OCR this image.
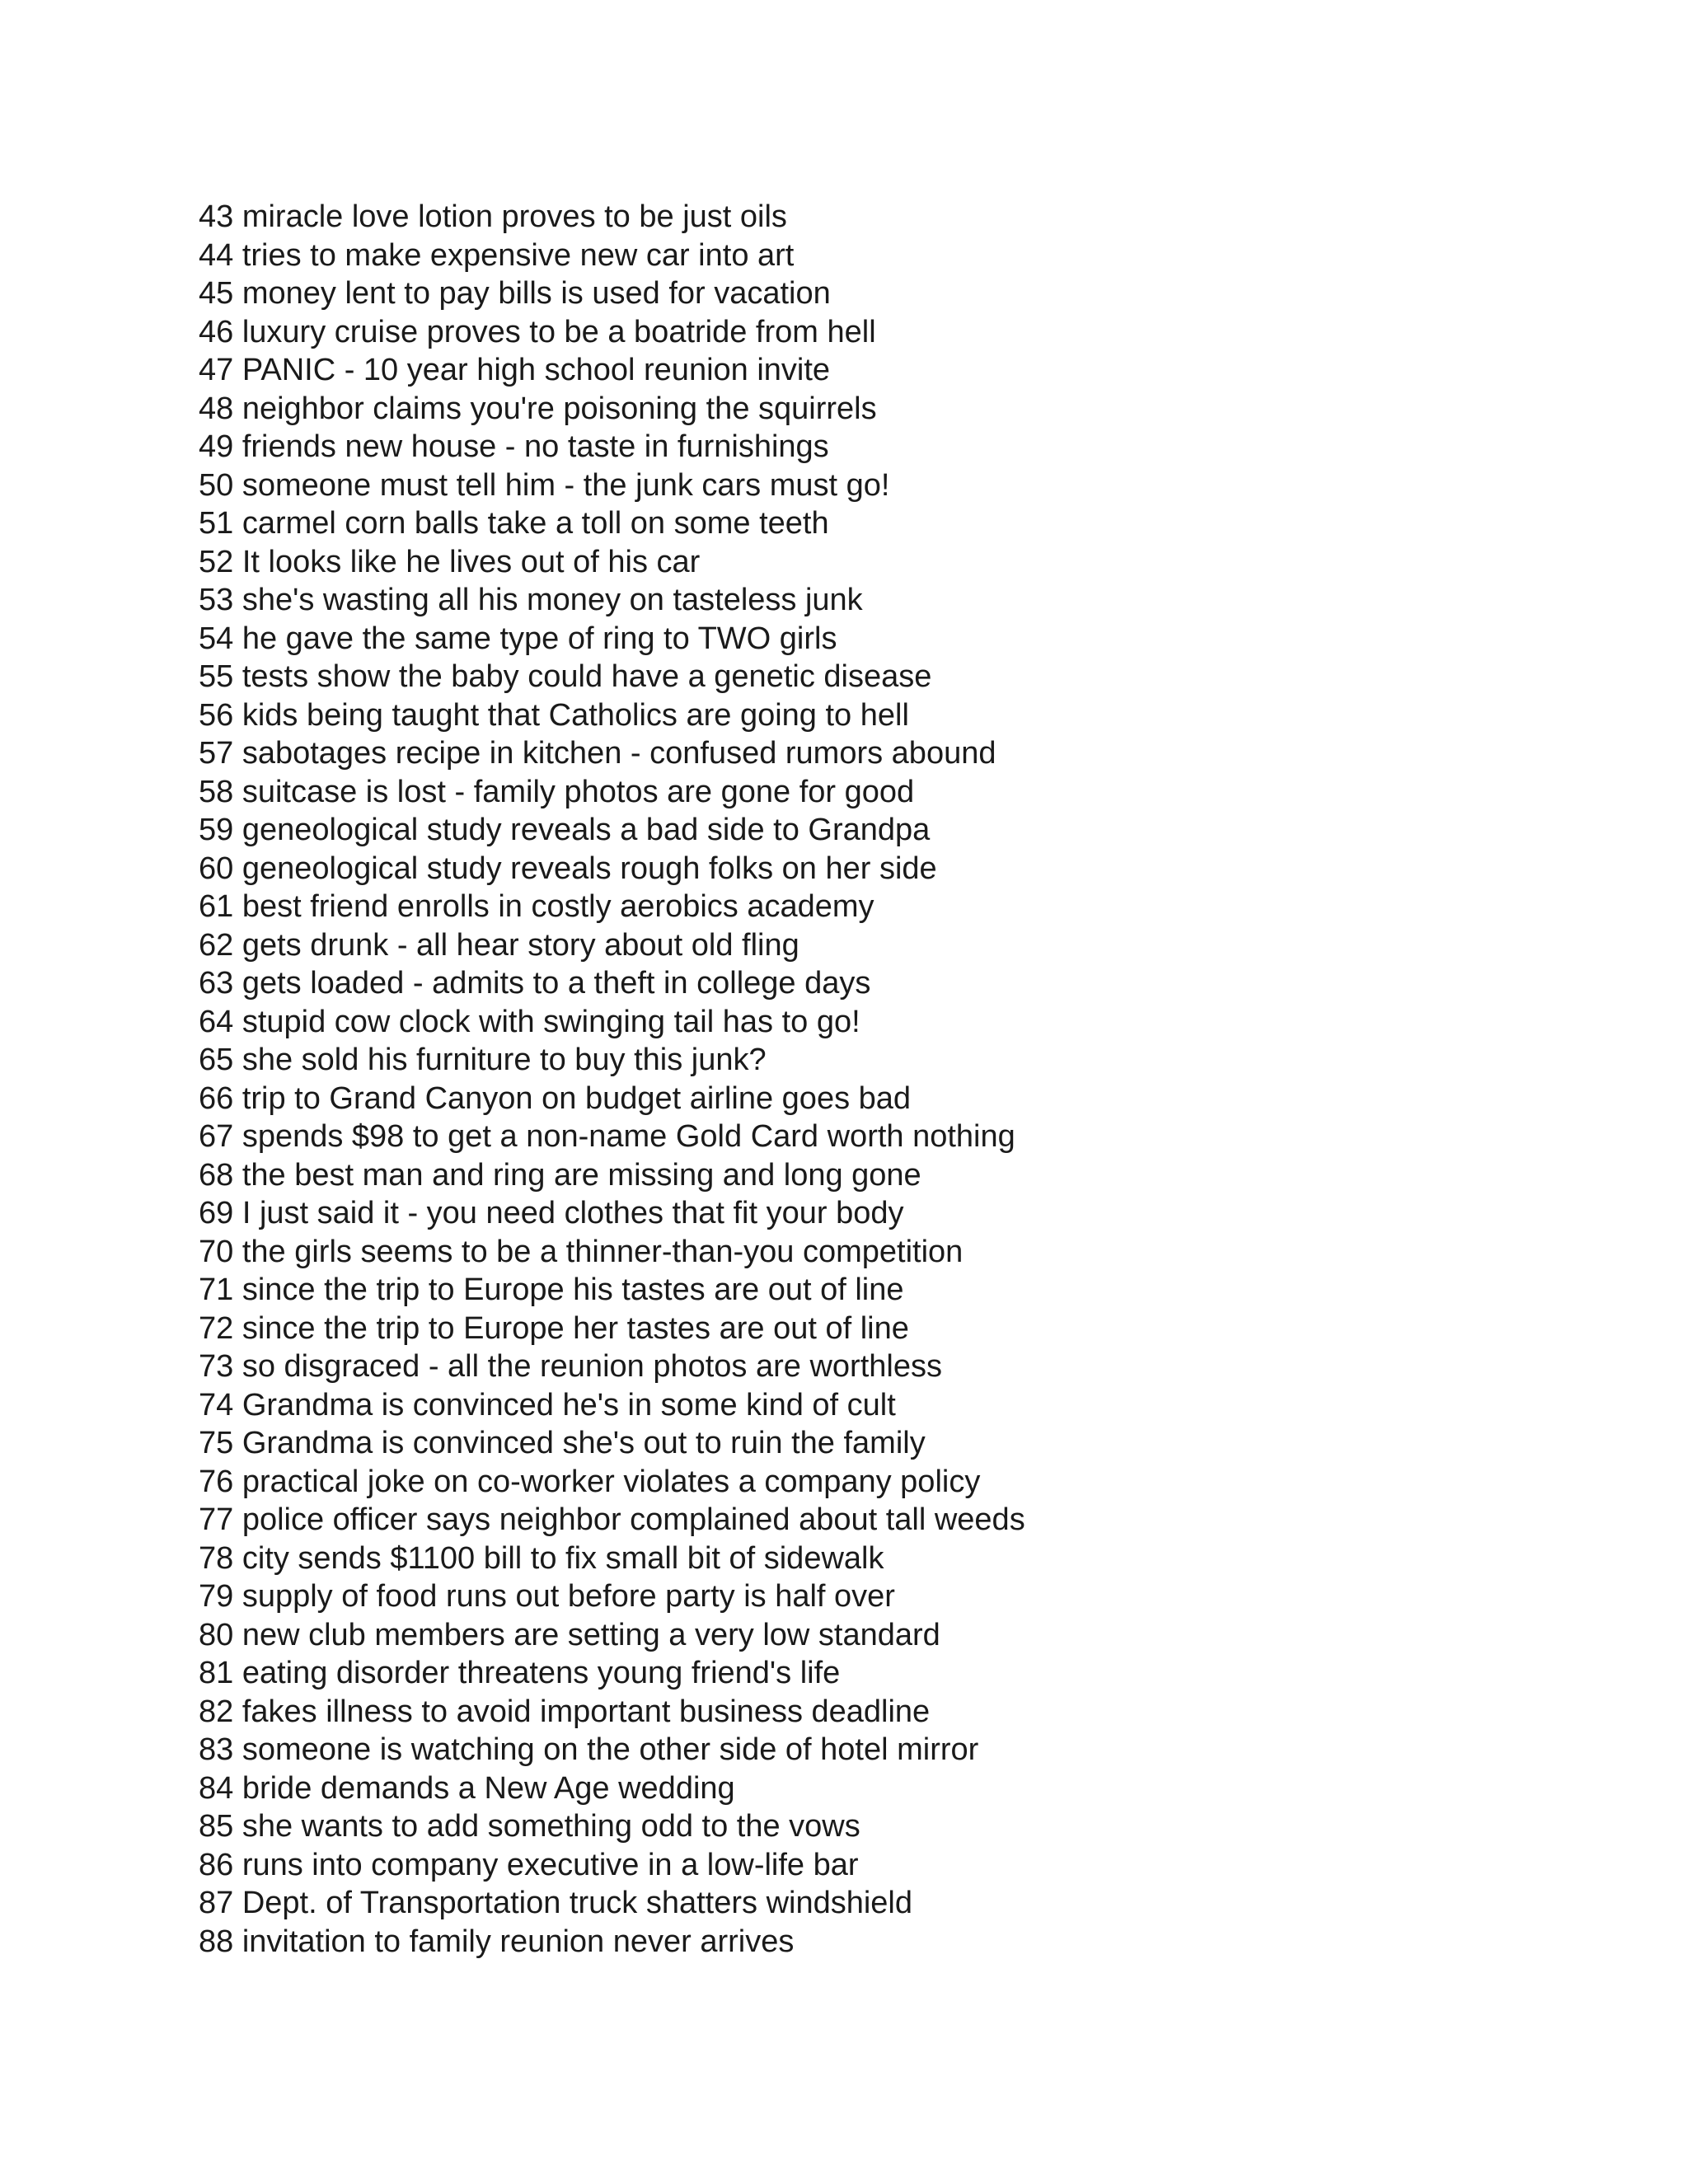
43 miracle love lotion proves to be just oils
44 tries to make expensive new car into art
45 money lent to pay bills is used for vacation
46 luxury cruise proves to be a boatride from hell
47 PANIC - 10 year high school reunion invite
48 neighbor claims you're poisoning the squirrels
49 friends new house - no taste in furnishings
50 someone must tell him - the junk cars must go!
51 carmel corn balls take a toll on some teeth
52 It looks like he lives out of his car
53 she's wasting all his money on tasteless junk
54 he gave the same type of ring to TWO girls
55 tests show the baby could have a genetic disease
56 kids being taught that Catholics are going to hell
57 sabotages recipe in kitchen - confused rumors abound
58 suitcase is lost - family photos are gone for good
59 geneological study reveals a bad side to Grandpa
60 geneological study reveals rough folks on her side
61 best friend enrolls in costly aerobics academy
62 gets drunk - all hear story about old fling
63 gets loaded - admits to a theft in college days
64 stupid cow clock with swinging tail has to go!
65 she sold his furniture to buy this junk?
66 trip to Grand Canyon on budget airline goes bad
67 spends $98 to get a non-name Gold Card worth nothing
68 the best man and ring are missing and long gone
69 I just said it - you need clothes that fit your body
70 the girls seems to be a thinner-than-you competition
71 since the trip to Europe his tastes are out of line
72 since the trip to Europe her tastes are out of line
73 so disgraced - all the reunion photos are worthless
74 Grandma is convinced he's in some kind of cult
75 Grandma is convinced she's out to ruin the family
76 practical joke on co-worker violates a company policy
77 police officer says neighbor complained about tall weeds
78 city sends $1100 bill to fix small bit of sidewalk
79 supply of food runs out before party is half over
80 new club members are setting a very low standard
81 eating disorder threatens young friend's life
82 fakes illness to avoid important business deadline
83 someone is watching on the other side of hotel mirror
84 bride demands a New Age wedding
85 she wants to add something odd to the vows
86 runs into company executive in a low-life bar
87 Dept. of Transportation truck shatters windshield
88 invitation to family reunion never arrives
